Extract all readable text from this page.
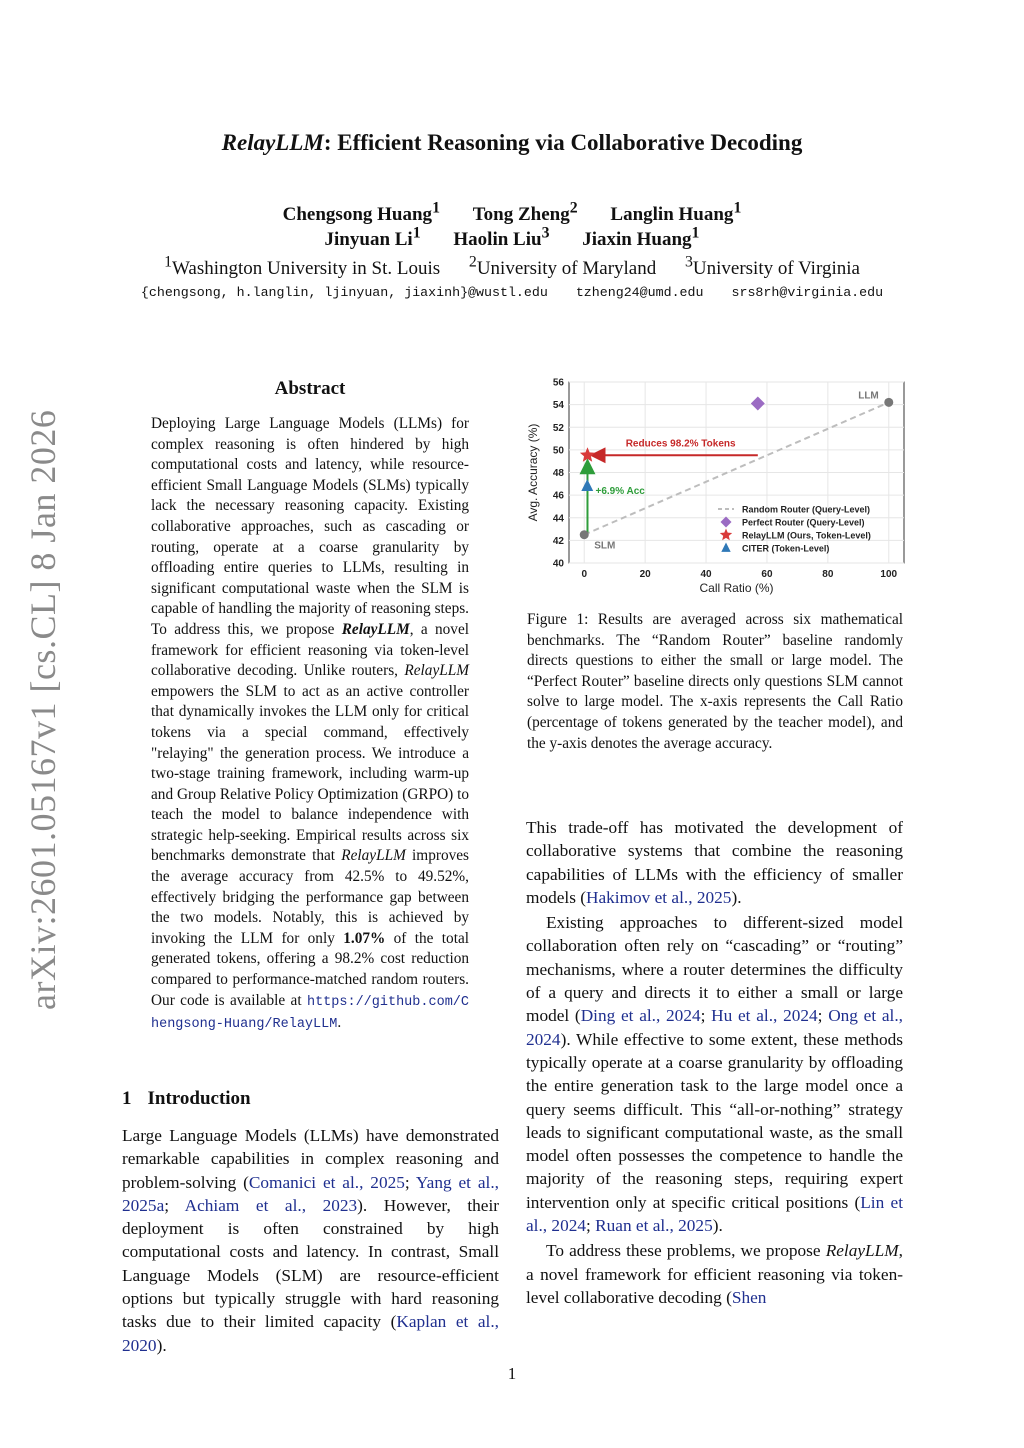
arXiv:2601.05167v1 [cs.CL] 8 Jan 2026
RelayLLM: Efficient Reasoning via Collaborative Decoding
Chengsong Huang$^1$ Tong Zheng$^2$ Langlin Huang$^1$
Jinyuan Li$^1$ Haolin Liu$^3$ Jiaxin Huang$^1$
$^1$Washington University in St. Louis $^2$University of Maryland $^3$University of Virginia
{chengsong, h.langlin, ljinyuan, jiaxinh}@wustl.edu tzheng24@umd.edu srs8rh@virginia.edu
Abstract
Deploying Large Language Models (LLMs) for complex reasoning is often hindered by high computational costs and latency, while resource-efficient Small Language Models (SLMs) typically lack the necessary reasoning capacity. Existing collaborative approaches, such as cascading or routing, operate at a coarse granularity by offloading entire queries to LLMs, resulting in significant computational waste when the SLM is capable of handling the majority of reasoning steps. To address this, we propose RelayLLM, a novel framework for efficient reasoning via token-level collaborative decoding. Unlike routers, RelayLLM empowers the SLM to act as an active controller that dynamically invokes the LLM only for critical tokens via a special command, effectively "relaying" the generation process. We introduce a two-stage training framework, including warm-up and Group Relative Policy Optimization (GRPO) to teach the model to balance independence with strategic help-seeking. Empirical results across six benchmarks demonstrate that RelayLLM improves the average accuracy from 42.5% to 49.52%, effectively bridging the performance gap between the two models. Notably, this is achieved by invoking the LLM for only 1.07% of the total generated tokens, offering a 98.2% cost reduction compared to performance-matched random routers. Our code is available at https://github.com/Chengsong-Huang/RelayLLM.
1 Introduction
Large Language Models (LLMs) have demonstrated remarkable capabilities in complex reasoning and problem-solving (Comanici et al., 2025; Yang et al., 2025a; Achiam et al., 2023). However, their deployment is often constrained by high computational costs and latency. In contrast, Small Language Models (SLM) are resource-efficient options but typically struggle with hard reasoning tasks due to their limited capacity (Kaplan et al., 2020).
0	20	40	60	80	100
40
42
44
46
48
50
52
54
56
Call Ratio (%)
Avg. Accuracy (%)	Reduces 98.2% Tokens
+6.9% Acc
SLM
LLM
Random Router (Query-Level)
Perfect Router (Query-Level)
RelayLLM (Ours, Token-Level)
CITER (Token-Level)
Figure 1: Results are averaged across six mathematical benchmarks. The “Random Router” baseline randomly directs questions to either the small or large model. The “Perfect Router” baseline directs only questions SLM cannot solve to large model. The x-axis represents the Call Ratio (percentage of tokens generated by the teacher model), and the y-axis denotes the average accuracy.

This trade-off has motivated the development of collaborative systems that combine the reasoning capabilities of LLMs with the efficiency of smaller models (Hakimov et al., 2025).

Existing approaches to different-sized model collaboration often rely on “cascading” or “routing” mechanisms, where a router determines the difficulty of a query and directs it to either a small or large model (Ding et al., 2024; Hu et al., 2024; Ong et al., 2024). While effective to some extent, these methods typically operate at a coarse granularity by offloading the entire generation task to the large model once a query seems difficult. This “all-or-nothing” strategy leads to significant computational waste, as the small model often possesses the competence to handle the majority of the reasoning steps, requiring expert intervention only at specific critical positions (Lin et al., 2024; Ruan et al., 2025).

To address these problems, we propose RelayLLM, a novel framework for efficient reasoning via token-level collaborative decoding (Shen

1
